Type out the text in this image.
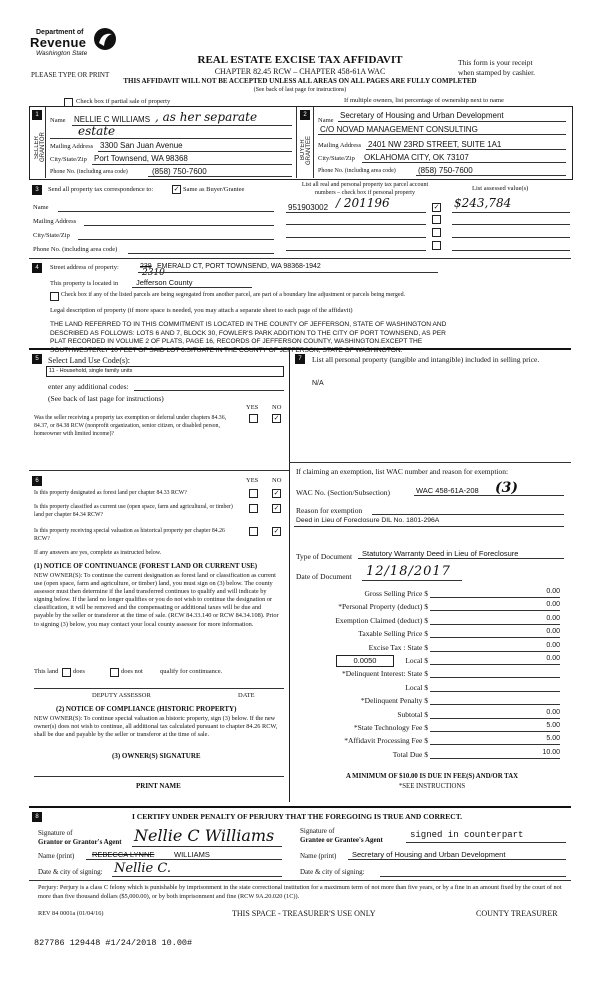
Department of
Revenue
Washington State
PLEASE TYPE OR PRINT
REAL ESTATE EXCISE TAX AFFIDAVIT
CHAPTER 82.45 RCW – CHAPTER 458-61A WAC
THIS AFFIDAVIT WILL NOT BE ACCEPTED UNLESS ALL AREAS ON ALL PAGES ARE FULLY COMPLETED
(See back of last page for instructions)
This form is your receipt
when stamped by cashier.
Check box if partial sale of property	If multiple owners, list percentage of ownership next to name
1
SELLER GRANTOR
Name NELLIE C WILLIAMS , as her separate
estate
Mailing Address 3300 San Juan Avenue
City/State/Zip Port Townsend, WA 98368
Phone No. (including area code)	(858) 750-7600
2
BUYER GRANTEE
Name
Secretary of Housing and Urban Development
C/O NOVAD MANAGEMENT CONSULTING
Mailing Address 2401 NW 23RD STREET, SUITE 1A1
City/State/Zip OKLAHOMA CITY, OK 73107
Phone No. (including area code)	(858) 750-7600
3	Send all property tax correspondence to:	✓ Same as Buyer/Grantee
Name
Mailing Address
City/State/Zip
Phone No. (including area code)
List all real and personal property tax parcel account
numbers – check box if personal property
List assessed value(s)
951903002 / 201196	✓ $243,784
4	Street address of property:	239
2310
EMERALD CT, PORT TOWNSEND, WA 98368-1942
This property is located in Jefferson County
Check box if any of the listed parcels are being segregated from another parcel, are part of a boundary line adjustment or parcels being merged.
Legal description of property (if more space is needed, you may attach a separate sheet to each page of the affidavit)
THE LAND REFERRED TO IN THIS COMMITMENT IS LOCATED IN THE COUNTY OF JEFFERSON, STATE OF WASHINGTON AND
DESCRIBED AS FOLLOWS: LOTS 6 AND 7, BLOCK 30, FOWLER'S PARK ADDITION TO THE CITY OF PORT TOWNSEND, AS PER
PLAT RECORDED IN VOLUME 2 OF PLATS, PAGE 16, RECORDS OF JEFFERSON COUNTY, WASHINGTON.EXCEPT THE
SOUTHWESTERLY 10 FEET OF SAID LOT 6.SITUATE IN THE COUNTY OF JEFFERSON, STATE OF WASHINGTON.
5	Select Land Use Code(s):
11 - Household, single family units
enter any additional codes:
(See back of last page for instructions)
YES NO
Was the seller receiving a property tax exemption or deferral under chapters 84.36, 84.37, or 84.38 RCW (nonprofit organization, senior citizen, or disabled person, homeowner with limited income)?
✓
6	YES NO
Is this property designated as forest land per chapter 84.33 RCW?	✓
Is this property classified as current use (open space, farm and agricultural, or timber) land per chapter 84.34 RCW?
✓
Is this property receiving special valuation as historical property per chapter 84.26 RCW?
✓
If any answers are yes, complete as instructed below.
(1) NOTICE OF CONTINUANCE (FOREST LAND OR CURRENT USE)
NEW OWNER(S): To continue the current designation as forest land or classification as current use (open space, farm and agriculture, or timber) land, you must sign on (3) below. The county assessor must then determine if the land transferred continues to qualify and will indicate by signing below. If the land no longer qualifies or you do not wish to continue the designation or classification, it will be removed and the compensating or additional taxes will be due and payable by the seller or transferor at the time of sale. (RCW 84.33.140 or RCW 84.34.108). Prior to signing (3) below, you may contact your local county assessor for more information.
This land does	does not	qualify for continuance.
DEPUTY ASSESSOR	DATE
(2) NOTICE OF COMPLIANCE (HISTORIC PROPERTY)
NEW OWNER(S): To continue special valuation as historic property, sign (3) below. If the new owner(s) does not wish to continue, all additional tax calculated pursuant to chapter 84.26 RCW, shall be due and payable by the seller or transferor at the time of sale.
(3) OWNER(S) SIGNATURE
PRINT NAME
7	List all personal property (tangible and intangible) included in selling price.
N/A
If claiming an exemption, list WAC number and reason for exemption:
WAC No. (Section/Subsection)	WAC 458-61A-208 (3)
Reason for exemption
Deed in Lieu of Foreclosure DIL No. 1801-296A
Type of Document Statutory Warranty Deed in Lieu of Foreclosure
Date of Document 12/18/2017
Gross Selling Price $	0.00
*Personal Property (deduct) $	0.00
Exemption Claimed (deduct) $	0.00
Taxable Selling Price $	0.00
Excise Tax : State $	0.00
Local $
0.0050	0.00
*Delinquent Interest: State $
Local $
*Delinquent Penalty $
Subtotal $	0.00
*State Technology Fee $	5.00
*Affidavit Processing Fee $	5.00
Total Due $	10.00
A MINIMUM OF $10.00 IS DUE IN FEE(S) AND/OR TAX
*SEE INSTRUCTIONS
8	I CERTIFY UNDER PENALTY OF PERJURY THAT THE FOREGOING IS TRUE AND CORRECT.
Signature of
Grantor or Grantor's Agent Nellie C Williams	Signature of
Grantee or Grantee's Agent	signed in counterpart
Name (print) REBECCA LYNNE	WILLIAMS	Name (print) Secretary of Housing and Urban Development
Date & city of signing: Nellie C.	Date & city of signing:
Perjury: Perjury is a class C felony which is punishable by imprisonment in the state correctional institution for a maximum term of not more than five years, or by a fine in an amount fixed by the court of not more than five thousand dollars ($5,000.00), or by both imprisonment and fine (RCW 9A.20.020 (1C)).
REV 84 0001a (01/04/16)	THIS SPACE - TREASURER'S USE ONLY	COUNTY TREASURER
827786 129448 #1/24/2018 10.00#
